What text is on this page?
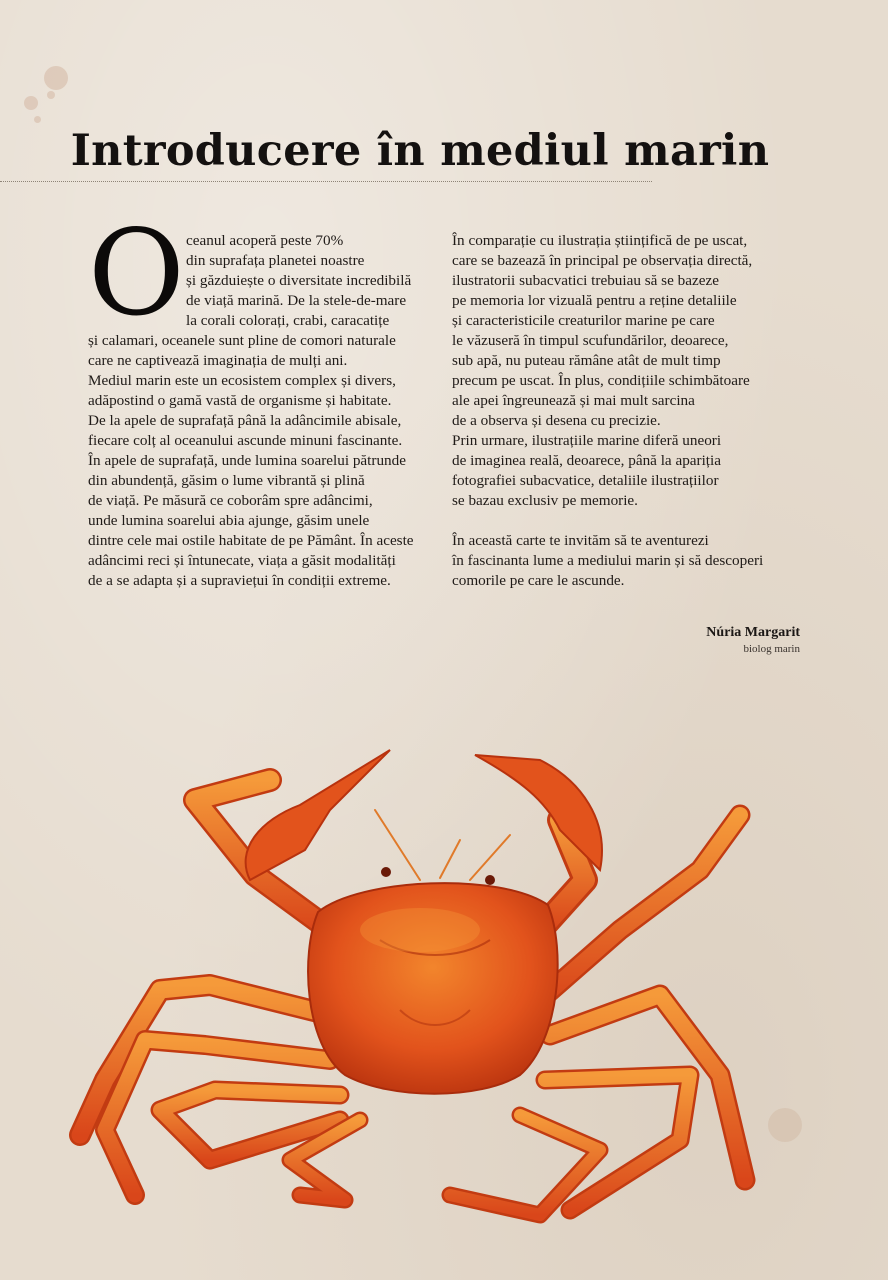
Introducere în mediul marin
O ceanul acoperă peste 70%

din suprafața planetei noastre

și găzduiește o diversitate incredibilă

de viață marină. De la stele-de-mare

la corali colorați, crabi, caracatițe

și calamari, oceanele sunt pline de comori naturale

care ne captivează imaginația de mulți ani.

Mediul marin este un ecosistem complex și divers,

adăpostind o gamă vastă de organisme și habitate.

De la apele de suprafață până la adâncimile abisale,

fiecare colț al oceanului ascunde minuni fascinante.

În apele de suprafață, unde lumina soarelui pătrunde

din abundență, găsim o lume vibrantă și plină

de viață. Pe măsură ce coborâm spre adâncimi,

unde lumina soarelui abia ajunge, găsim unele

dintre cele mai ostile habitate de pe Pământ. În aceste

adâncimi reci și întunecate, viața a găsit modalități

de a se adapta și a supraviețui în condiții extreme.

În comparație cu ilustrația științifică de pe uscat,

care se bazează în principal pe observația directă,

ilustratorii subacvatici trebuiau să se bazeze

pe memoria lor vizuală pentru a reține detaliile

și caracteristicile creaturilor marine pe care

le văzuseră în timpul scufundărilor, deoarece,

sub apă, nu puteau rămâne atât de mult timp

precum pe uscat. În plus, condițiile schimbătoare

ale apei îngreunează și mai mult sarcina

de a observa și desena cu precizie.

Prin urmare, ilustrațiile marine diferă uneori

de imaginea reală, deoarece, până la apariția

fotografiei subacvatice, detaliile ilustrațiilor

se bazau exclusiv pe memorie.

În această carte te invităm să te aventurezi

în fascinanta lume a mediului marin și să descoperi

comorile pe care le ascunde.

Núria Margarit
biolog marin
